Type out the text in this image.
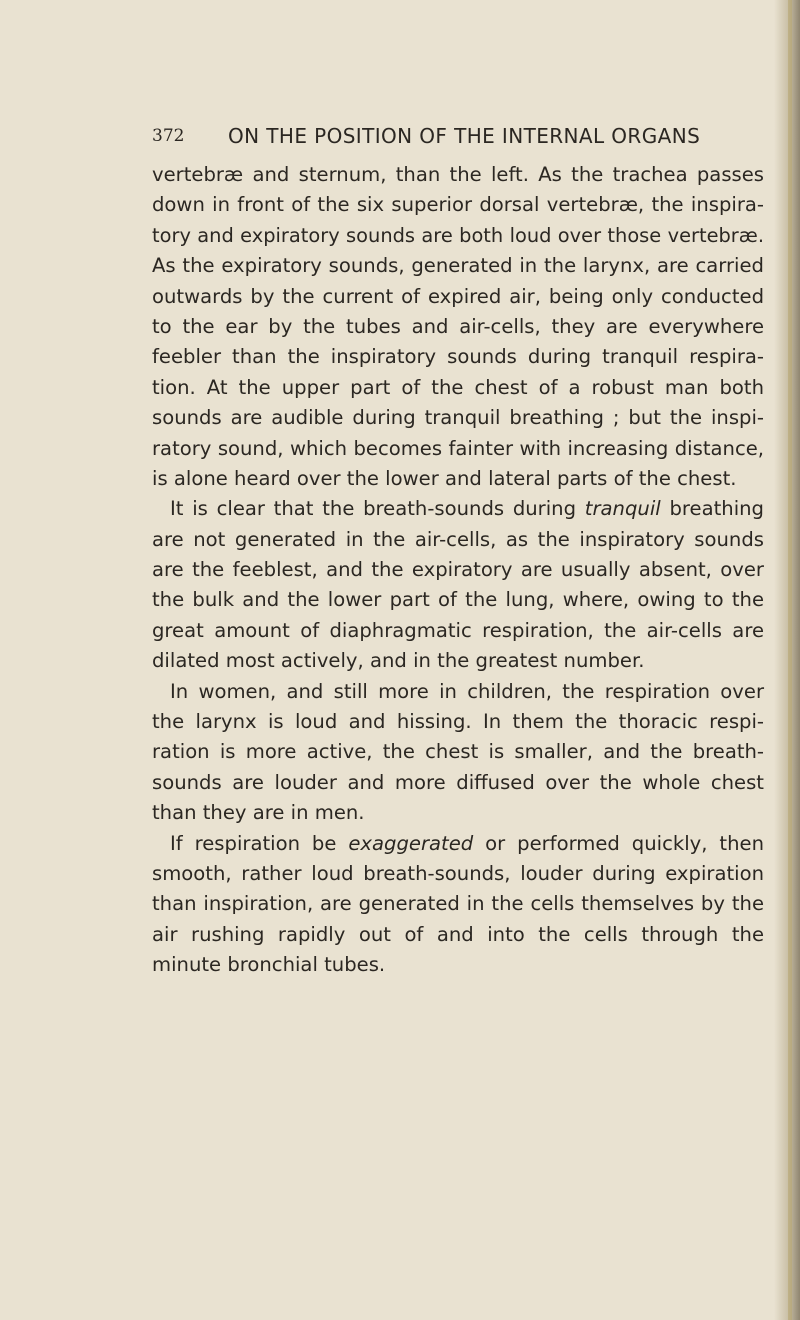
372 ON THE POSITION OF THE INTERNAL ORGANS
vertebræ and sternum, than the left. As the trachea passes
down in front of the six superior dorsal vertebræ, the inspira-
tory and expiratory sounds are both loud over those vertebræ.
As the expiratory sounds, generated in the larynx, are carried
outwards by the current of expired air, being only conducted
to the ear by the tubes and air-cells, they are everywhere
feebler than the inspiratory sounds during tranquil respira-
tion. At the upper part of the chest of a robust man both
sounds are audible during tranquil breathing ; but the inspi-
ratory sound, which becomes fainter with increasing distance,
is alone heard over the lower and lateral parts of the chest.
It is clear that the breath-sounds during tranquil breathing
are not generated in the air-cells, as the inspiratory sounds
are the feeblest, and the expiratory are usually absent, over
the bulk and the lower part of the lung, where, owing to the
great amount of diaphragmatic respiration, the air-cells are
dilated most actively, and in the greatest number.
In women, and still more in children, the respiration over
the larynx is loud and hissing. In them the thoracic respi-
ration is more active, the chest is smaller, and the breath-
sounds are louder and more diffused over the whole chest
than they are in men.
If respiration be exaggerated or performed quickly, then
smooth, rather loud breath-sounds, louder during expiration
than inspiration, are generated in the cells themselves by the
air rushing rapidly out of and into the cells through the
minute bronchial tubes.
